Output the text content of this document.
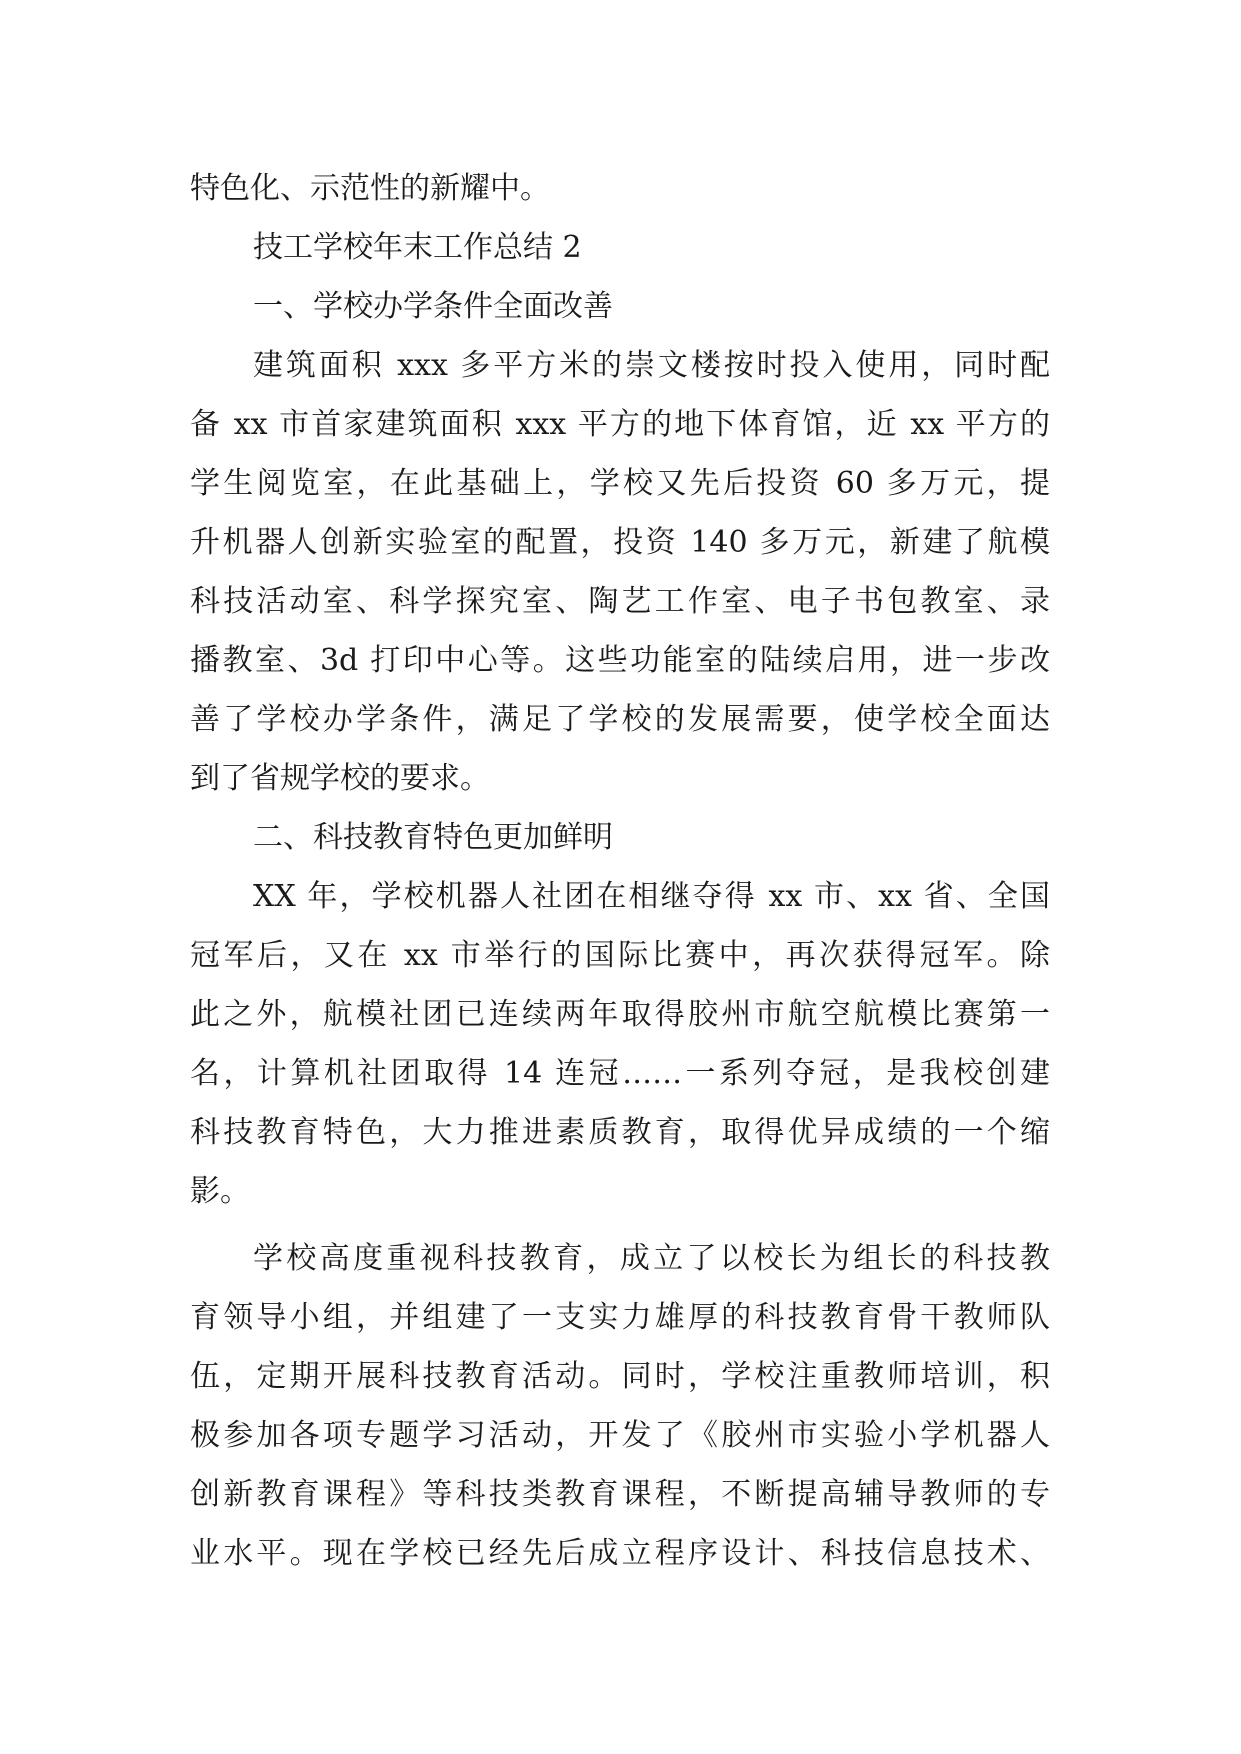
特色化、示范性的新耀中。
技工学校年末工作总结 2
一、学校办学条件全面改善
建筑面积 xxx 多平方米的崇文楼按时投入使用，同时配
备 xx 市首家建筑面积 xxx 平方的地下体育馆，近 xx 平方的
学生阅览室，在此基础上，学校又先后投资 60 多万元，提
升机器人创新实验室的配置，投资 140 多万元，新建了航模
科技活动室、科学探究室、陶艺工作室、电子书包教室、录
播教室、3d 打印中心等。这些功能室的陆续启用，进一步改
善了学校办学条件，满足了学校的发展需要，使学校全面达
到了省规学校的要求。
二、科技教育特色更加鲜明
XX 年，学校机器人社团在相继夺得 xx 市、xx 省、全国
冠军后，又在 xx 市举行的国际比赛中，再次获得冠军。除
此之外，航模社团已连续两年取得胶州市航空航模比赛第一
名，计算机社团取得 14 连冠……一系列夺冠，是我校创建
科技教育特色，大力推进素质教育，取得优异成绩的一个缩
影。
学校高度重视科技教育，成立了以校长为组长的科技教
育领导小组，并组建了一支实力雄厚的科技教育骨干教师队
伍，定期开展科技教育活动。同时，学校注重教师培训，积
极参加各项专题学习活动，开发了《胶州市实验小学机器人
创新教育课程》等科技类教育课程，不断提高辅导教师的专
业水平。现在学校已经先后成立程序设计、科技信息技术、
